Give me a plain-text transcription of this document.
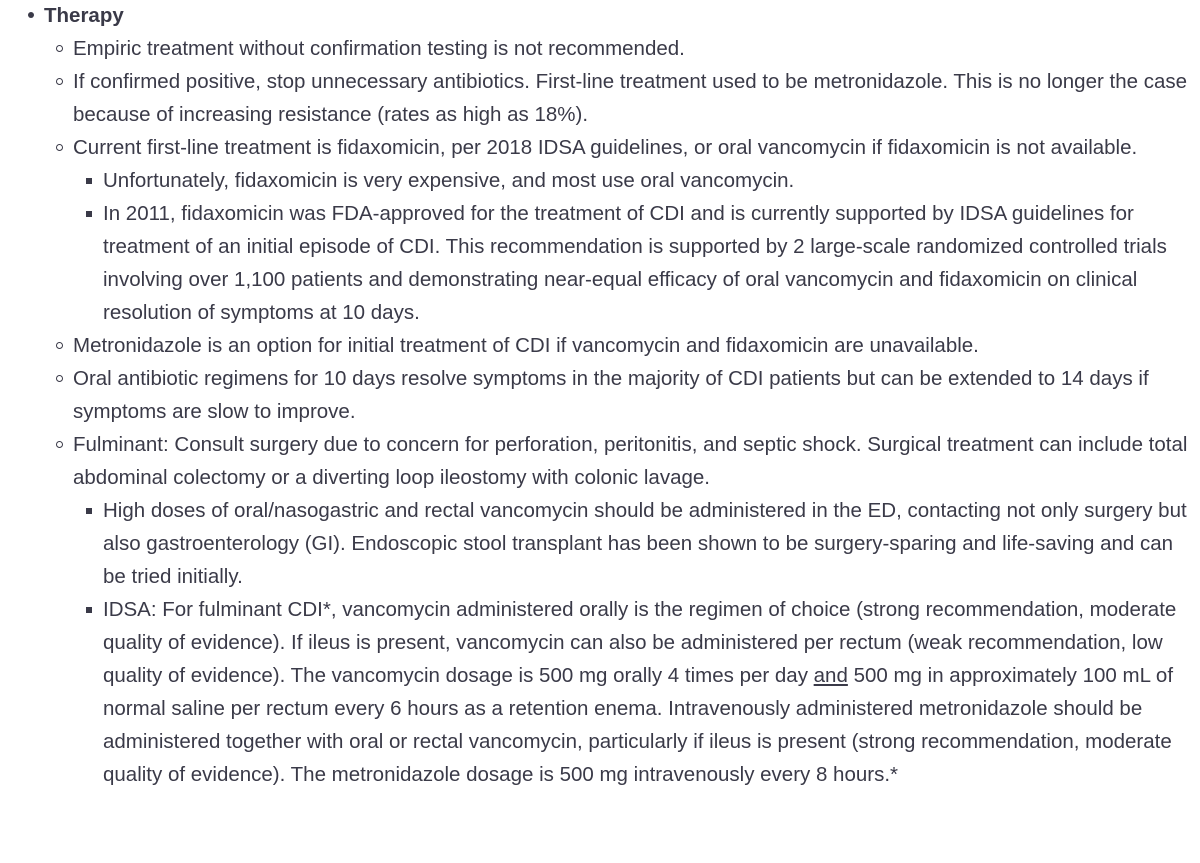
Therapy
Empiric treatment without confirmation testing is not recommended.
If confirmed positive, stop unnecessary antibiotics. First-line treatment used to be metronidazole. This is no longer the case because of increasing resistance (rates as high as 18%).
Current first-line treatment is fidaxomicin, per 2018 IDSA guidelines, or oral vancomycin if fidaxomicin is not available.
Unfortunately, fidaxomicin is very expensive, and most use oral vancomycin.
In 2011, fidaxomicin was FDA-approved for the treatment of CDI and is currently supported by IDSA guidelines for treatment of an initial episode of CDI. This recommendation is supported by 2 large-scale randomized controlled trials involving over 1,100 patients and demonstrating near-equal efficacy of oral vancomycin and fidaxomicin on clinical resolution of symptoms at 10 days.
Metronidazole is an option for initial treatment of CDI if vancomycin and fidaxomicin are unavailable.
Oral antibiotic regimens for 10 days resolve symptoms in the majority of CDI patients but can be extended to 14 days if symptoms are slow to improve.
Fulminant: Consult surgery due to concern for perforation, peritonitis, and septic shock. Surgical treatment can include total abdominal colectomy or a diverting loop ileostomy with colonic lavage.
High doses of oral/nasogastric and rectal vancomycin should be administered in the ED, contacting not only surgery but also gastroenterology (GI). Endoscopic stool transplant has been shown to be surgery-sparing and life-saving and can be tried initially.
IDSA: For fulminant CDI*, vancomycin administered orally is the regimen of choice (strong recommendation, moderate quality of evidence). If ileus is present, vancomycin can also be administered per rectum (weak recommendation, low quality of evidence). The vancomycin dosage is 500 mg orally 4 times per day and 500 mg in approximately 100 mL of normal saline per rectum every 6 hours as a retention enema. Intravenously administered metronidazole should be administered together with oral or rectal vancomycin, particularly if ileus is present (strong recommendation, moderate quality of evidence). The metronidazole dosage is 500 mg intravenously every 8 hours.*
